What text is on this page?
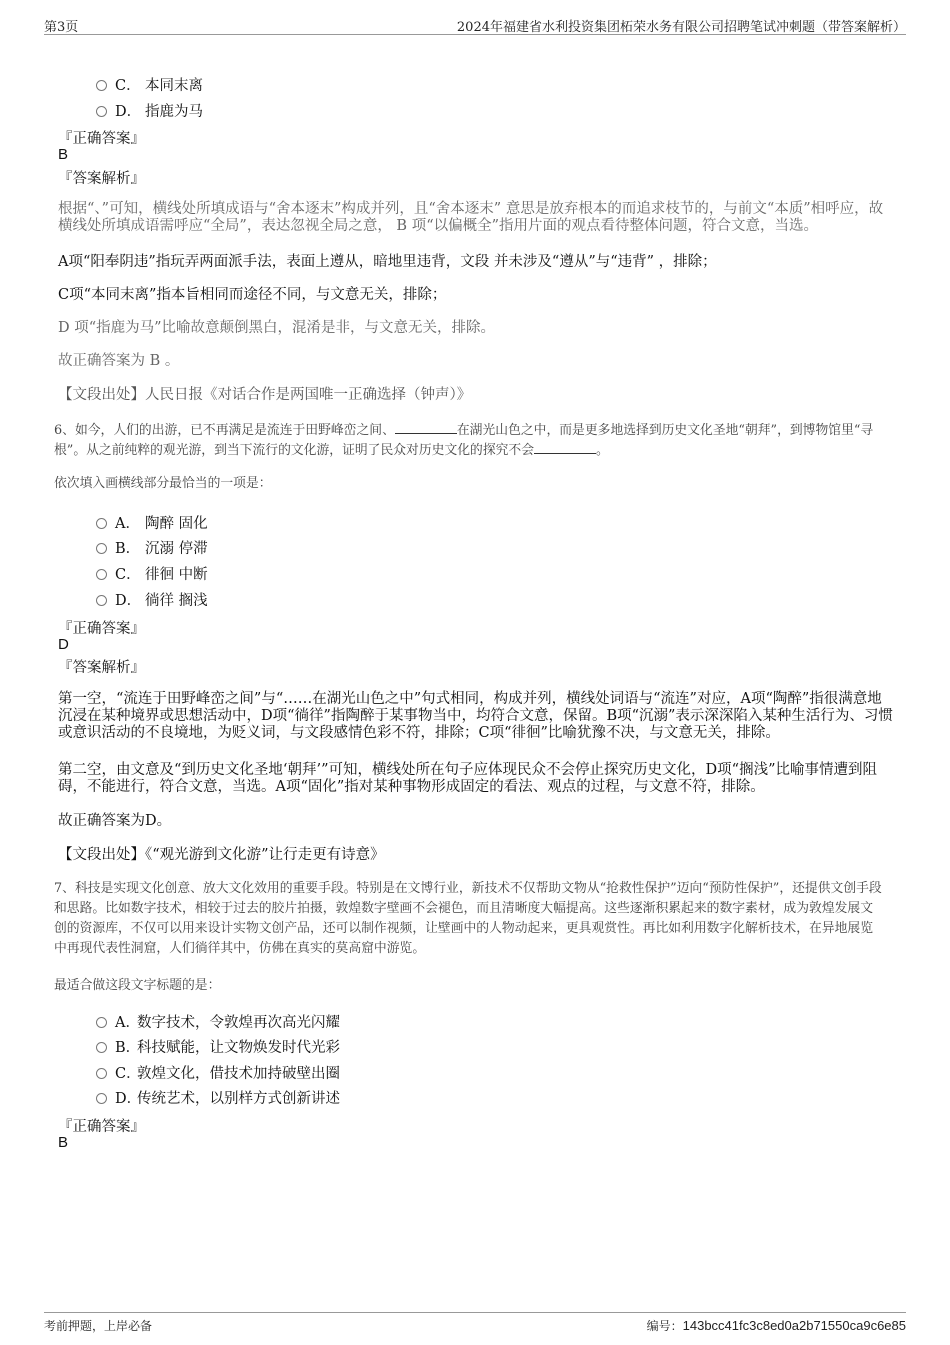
第3页	2024年福建省水利投资集团柘荣水务有限公司招聘笔试冲刺题（带答案解析）
C． 本同末离
D． 指鹿为马
『正确答案』
B
『答案解析』
根据“、”可知，横线处所填成语与“舍本逐末”构成并列，且“舍本逐末” 意思是放弃根本的而追求枝节的，与前文“本质”相呼应，故横线处所填成语需呼应“全局”，表达忽视全局之意， B 项“以偏概全”指用片面的观点看待整体问题，符合文意，当选。
A项“阳奉阴违”指玩弄两面派手法，表面上遵从，暗地里违背，文段 并未涉及“遵从”与“违背” ，排除；
C项“本同末离”指本旨相同而途径不同，与文意无关，排除；
D 项“指鹿为马”比喻故意颠倒黑白，混淆是非，与文意无关，排除。
故正确答案为 B 。
【文段出处】人民日报《对话合作是两国唯一正确选择（钟声）》
6、如今，人们的出游，已不再满足是流连于田野峰峦之间、	在湖光山色之中，而是更多地选择到历史文化圣地“朝拜”，到博物馆里“寻根”。从之前纯粹的观光游，到当下流行的文化游，证明了民众对历史文化的探究不会	。
依次填入画横线部分最恰当的一项是：
A． 陶醉 固化
B． 沉溺 停滞
C． 徘徊 中断
D． 徜徉 搁浅
『正确答案』
D
『答案解析』
第一空，“流连于田野峰峦之间”与“……在湖光山色之中”句式相同，构成并列，横线处词语与“流连”对应，A项“陶醉”指很满意地沉浸在某种境界或思想活动中，D项“徜徉”指陶醉于某事物当中，均符合文意，保留。B项“沉溺”表示深深陷入某种生活行为、习惯或意识活动的不良境地，为贬义词，与文段感情色彩不符，排除；C项“徘徊”比喻犹豫不决，与文意无关，排除。
第二空，由文意及“到历史文化圣地‘朝拜’”可知，横线处所在句子应体现民众不会停止探究历史文化，D项“搁浅”比喻事情遭到阻碍，不能进行，符合文意，当选。A项“固化”指对某种事物形成固定的看法、观点的过程，与文意不符，排除。
故正确答案为D。
【文段出处】《“观光游到文化游”让行走更有诗意》
7、科技是实现文化创意、放大文化效用的重要手段。特别是在文博行业，新技术不仅帮助文物从“抢救性保护”迈向“预防性保护”，还提供文创手段和思路。比如数字技术，相较于过去的胶片拍摄，敦煌数字壁画不会褪色，而且清晰度大幅提高。这些逐渐积累起来的数字素材，成为敦煌发展文创的资源库，不仅可以用来设计实物文创产品，还可以制作视频，让壁画中的人物动起来，更具观赏性。再比如利用数字化解析技术，在异地展览中再现代表性洞窟，人们徜徉其中，仿佛在真实的莫高窟中游览。
最适合做这段文字标题的是：
A．数字技术，令敦煌再次高光闪耀
B．科技赋能，让文物焕发时代光彩
C．敦煌文化，借技术加持破壁出圈
D．传统艺术，以别样方式创新讲述
『正确答案』
B
考前押题，上岸必备	编号：143bcc41fc3c8ed0a2b71550ca9c6e85
